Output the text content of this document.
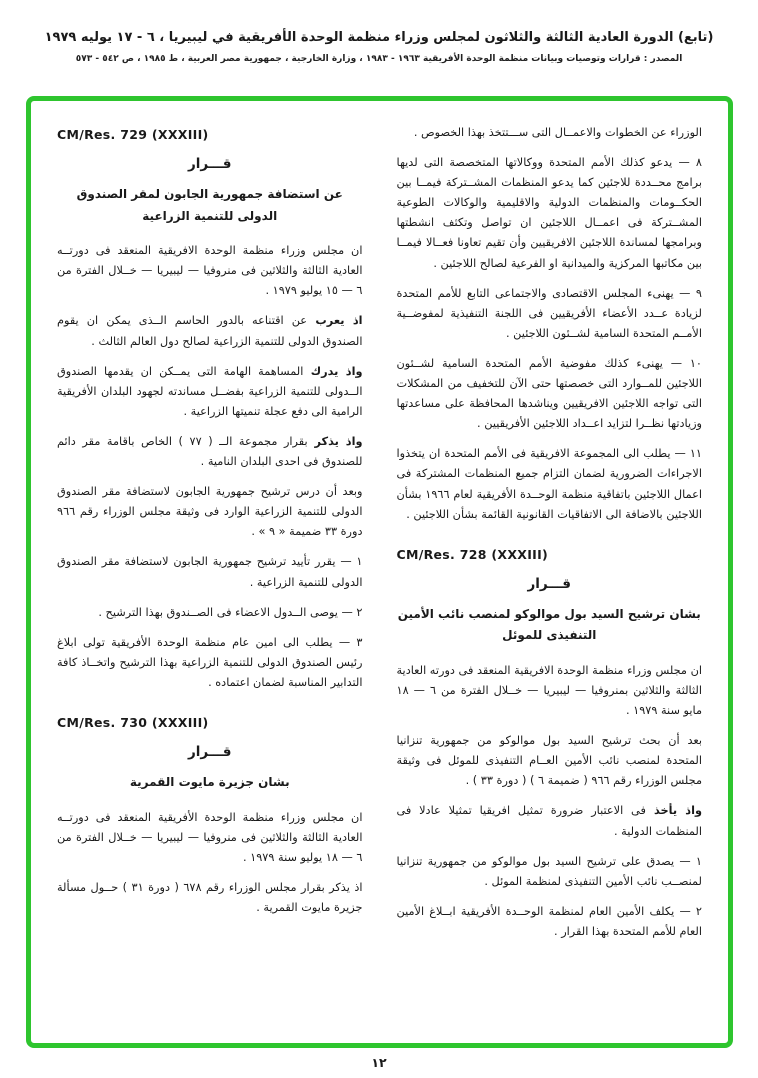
(تابع) الدورة العادية الثالثة والثلاثون لمجلس وزراء منظمة الوحدة الأفريقية في ليبيريا ، ٦ - ١٧ يوليه ١٩٧٩
المصدر : قرارات وتوصيات وبيانات منظمة الوحدة الأفريقية ١٩٦٣ - ١٩٨٣ ، وزارة الخارجية ، جمهورية مصر العربية ، ط ١٩٨٥ ، ص ٥٤٢ - ٥٧٣
CM/Res. 729 (XXXIII)
قـــرار
عن استضافة جمهورية الجابون لمقر الصندوق الدولى للتنمية الزراعية
ان مجلس وزراء منظمة الوحدة الافريقية المنعقد فى دورتــه العادية الثالثة والثلاثين فى منروفيا — ليبيريا — خــلال الفترة من ٦ — ١٥ يوليو ١٩٧٩ .
اذ يعرب عن اقتناعه بالدور الحاسم الــذى يمكن ان يقوم الصندوق الدولى للتنمية الزراعية لصالح دول العالم الثالث .
واذ يدرك المساهمة الهامة التى يمــكن ان يقدمها الصندوق الــدولى للتنمية الزراعية بفضــل مساندته لجهود البلدان الأفريقية الرامية الى دفع عجلة تنميتها الزراعية .
واذ يذكر بقرار مجموعة الــ ( ٧٧ ) الخاص باقامة مقر دائم للصندوق فى احدى البلدان النامية .
وبعد أن درس ترشيح جمهورية الجابون لاستضافة مقر الصندوق الدولى للتنمية الزراعية الوارد فى وثيقة مجلس الوزراء رقم ٩٦٦ دورة ٣٣ ضميمة « ٩ » .
١ — يقرر تأييد ترشيح جمهورية الجابون لاستضافة مقر الصندوق الدولى للتنمية الزراعية .
٢ — يوصى الــدول الاعضاء فى الصــندوق بهذا الترشيح .
٣ — يطلب الى امين عام منظمة الوحدة الأفريقية تولى ابلاغ رئيس الصندوق الدولى للتنمية الزراعية بهذا الترشيح واتخــاذ كافة التدابير المناسبة لضمان اعتماده .
CM/Res. 730 (XXXIII)
قـــرار
بشان جزيرة مايوت القمرية
ان مجلس وزراء منظمة الوحدة الأفريقية المنعقد فى دورتــه العادية الثالثة والثلاثين فى منروفيا — ليبيريا — خــلال الفترة من ٦ — ١٨ يوليو سنة ١٩٧٩ .
اذ يذكر بقرار مجلس الوزراء رقم ٦٧٨ ( دورة ٣١ ) حــول مسألة جزيرة مايوت القمرية .
الوزراء عن الخطوات والاعمــال التى ســـتتخذ بهذا الخصوص .
٨ — يدعو كذلك الأمم المتحدة ووكالاتها المتخصصة التى لديها برامج محــددة للاجئين كما يدعو المنظمات المشــتركة فيمــا بين الحكــومات والمنظمات الدولية والاقليمية والوكالات الطوعية المشــتركة فى اعمــال اللاجئين ان تواصل وتكثف انشطتها وبرامجها لمساندة اللاجئين الافريقيين وأن تقيم تعاونا فعــالا فيمــا بين مكاتبها المركزية والميدانية او الفرعية لصالح اللاجئين .
٩ — يهنىء المجلس الاقتصادى والاجتماعى التابع للأمم المتحدة لزيادة عــدد الأعضاء الأفريقيين فى اللجنة التنفيذية لمفوضــية الأمــم المتحدة السامية لشــئون اللاجئين .
١٠ — يهنىء كذلك مفوضية الأمم المتحدة السامية لشــئون اللاجئين للمــوارد التى خصصتها حتى الآن للتخفيف من المشكلات التى تواجه اللاجئين الافريقيين ويناشدها المحافظة على مساعدتها وزيادتها نظــرا لتزايد اعــداد اللاجئين الأفريقيين .
١١ — يطلب الى المجموعة الافريقية فى الأمم المتحدة ان يتخذوا الاجراءات الضرورية لضمان التزام جميع المنظمات المشتركة فى اعمال اللاجئين باتفاقية منظمة الوحــدة الأفريقية لعام ١٩٦٦ بشأن اللاجئين بالاضافة الى الاتفاقيات القانونية القائمة بشأن اللاجئين .
CM/Res. 728 (XXXIII)
قـــرار
بشان ترشيح السيد بول موالوكو لمنصب نائب الأمين التنفيذى للموئل
ان مجلس وزراء منظمة الوحدة الافريقية المنعقد فى دورته العادية الثالثة والثلاثين بمنروفيا — ليبيريا — خــلال الفترة من ٦ — ١٨ مايو سنة ١٩٧٩ .
بعد أن بحث ترشيح السيد بول موالوكو من جمهورية تنزانيا المتحدة لمنصب نائب الأمين العــام التنفيذى للموئل فى وثيقة مجلس الوزراء رقم ٩٦٦ ( ضميمة ٦ ) ( دورة ٣٣ ) .
واذ يأخذ فى الاعتبار ضرورة تمثيل افريقيا تمثيلا عادلا فى المنظمات الدولية .
١ — يصدق على ترشيح السيد بول موالوكو من جمهورية تنزانيا لمنصــب نائب الأمين التنفيذى لمنظمة الموئل .
٢ — يكلف الأمين العام لمنظمة الوحــدة الأفريقية ابــلاغ الأمين العام للأمم المتحدة بهذا القرار .
١٢
